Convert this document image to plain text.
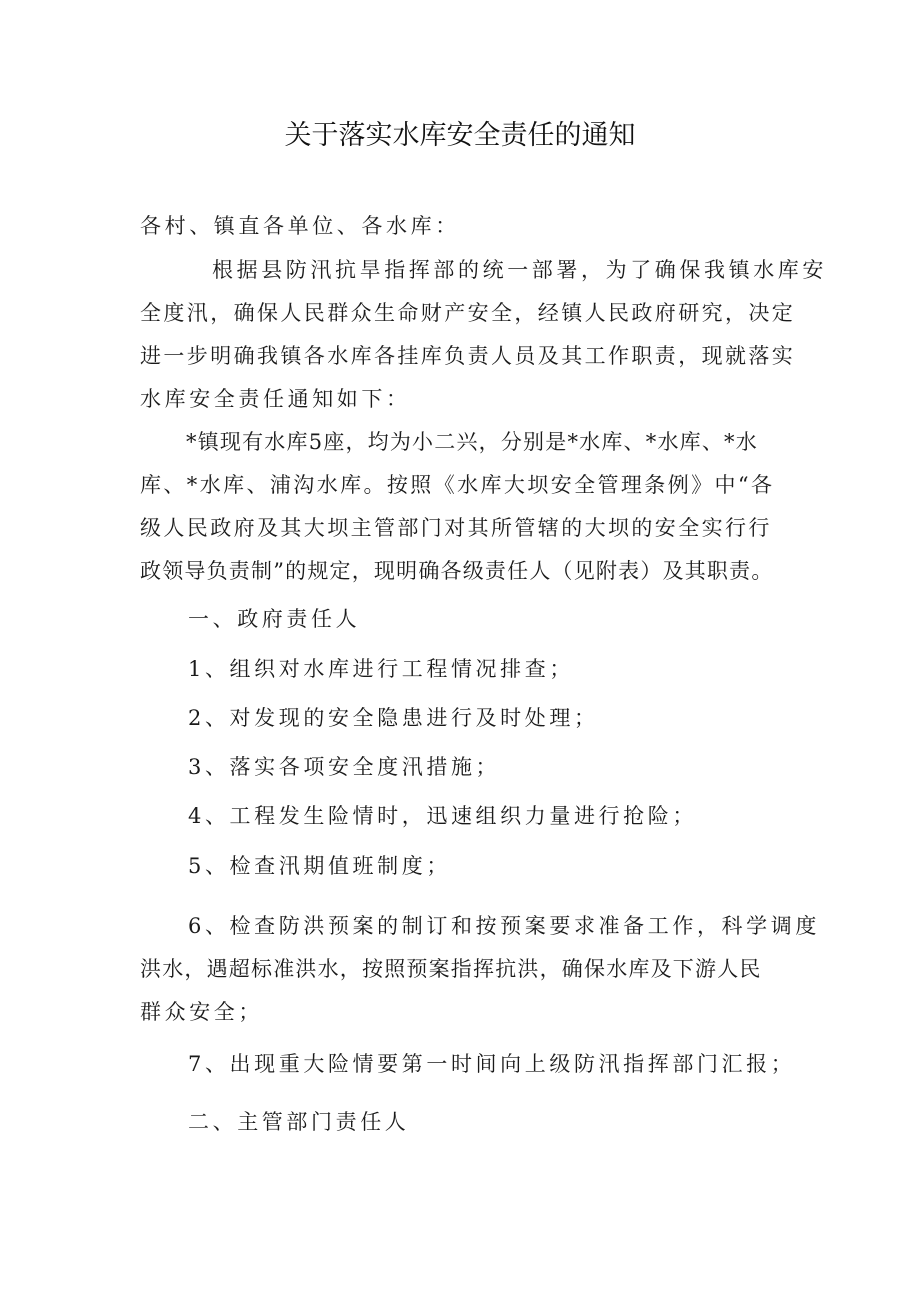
关于落实水库安全责任的通知
各村、镇直各单位、各水库：
根据县防汛抗旱指挥部的统一部署，为了确保我镇水库安
全度汛，确保人民群众生命财产安全，经镇人民政府研究，决定
进一步明确我镇各水库各挂库负责人员及其工作职责，现就落实
水库安全责任通知如下：
*镇现有水库5座，均为小二兴，分别是*水库、*水库、*水
库、*水库、浦沟水库。按照《水库大坝安全管理条例》中“各
级人民政府及其大坝主管部门对其所管辖的大坝的安全实行行
政领导负责制”的规定，现明确各级责任人（见附表）及其职责。
一、政府责任人
1、组织对水库进行工程情况排查；
2、对发现的安全隐患进行及时处理；
3、落实各项安全度汛措施；
4、工程发生险情时，迅速组织力量进行抢险；
5、检查汛期值班制度；
6、检查防洪预案的制订和按预案要求准备工作，科学调度
洪水，遇超标准洪水，按照预案指挥抗洪，确保水库及下游人民
群众安全；
7、出现重大险情要第一时间向上级防汛指挥部门汇报；
二、主管部门责任人
